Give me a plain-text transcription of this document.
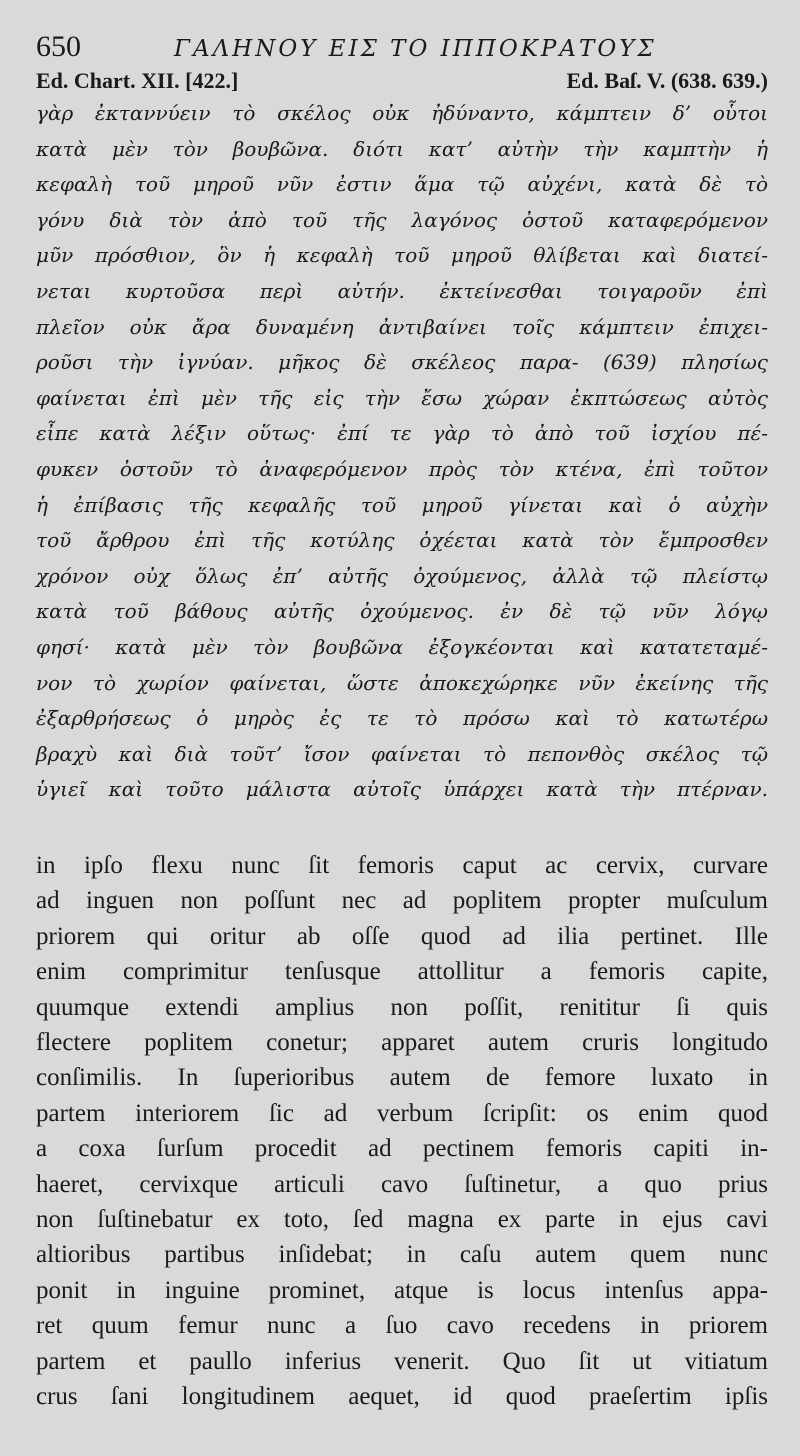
650	ΓΑΛΗΝΟΥ ΕΙΣ ΤΟ ΙΠΠΟΚΡΑΤΟΥΣ
Ed. Chart. XII. [422.]	Ed. Baſ. V. (638. 639.)
γὰρ ἐκταννύειν τὸ σκέλος οὐκ ἠδύναντο, κάμπτειν δ’ οὗτοι
κατὰ μὲν τὸν βουβῶνα. διότι κατ’ αὐτὴν τὴν καμπτὴν ἡ
κεφαλὴ τοῦ μηροῦ νῦν ἐστιν ἅμα τῷ αὐχένι, κατὰ δὲ τὸ
γόνυ διὰ τὸν ἀπὸ τοῦ τῆς λαγόνος ὀστοῦ καταφερόμενον
μῦν πρόσθιον, ὃν ἡ κεφαλὴ τοῦ μηροῦ θλίβεται καὶ διατεί-
νεται κυρτοῦσα περὶ αὐτήν. ἐκτείνεσθαι τοιγαροῦν ἐπὶ
πλεῖον οὐκ ἄρα δυναμένη ἀντιβαίνει τοῖς κάμπτειν ἐπιχει-
ροῦσι τὴν ἰγνύαν. μῆκος δὲ σκέλεος παρα- (639) πλησίως
φαίνεται ἐπὶ μὲν τῆς εἰς τὴν ἔσω χώραν ἐκπτώσεως αὐτὸς
εἶπε κατὰ λέξιν οὕτως· ἐπί τε γὰρ τὸ ἀπὸ τοῦ ἰσχίου πέ-
φυκεν ὀστοῦν τὸ ἀναφερόμενον πρὸς τὸν κτένα, ἐπὶ τοῦτον
ἡ ἐπίβασις τῆς κεφαλῆς τοῦ μηροῦ γίνεται καὶ ὁ αὐχὴν
τοῦ ἄρθρου ἐπὶ τῆς κοτύλης ὀχέεται κατὰ τὸν ἔμπροσθεν
χρόνον οὐχ ὅλως ἐπ’ αὐτῆς ὀχούμενος, ἀλλὰ τῷ πλείστῳ
κατὰ τοῦ βάθους αὐτῆς ὀχούμενος. ἐν δὲ τῷ νῦν λόγῳ
φησί· κατὰ μὲν τὸν βουβῶνα ἐξογκέονται καὶ κατατεταμέ-
νον τὸ χωρίον φαίνεται, ὥστε ἀποκεχώρηκε νῦν ἐκείνης τῆς
ἐξαρθρήσεως ὁ μηρὸς ἐς τε τὸ πρόσω καὶ τὸ κατωτέρω
βραχὺ καὶ διὰ τοῦτ’ ἴσον φαίνεται τὸ πεπονθὸς σκέλος τῷ
ὑγιεῖ καὶ τοῦτο μάλιστα αὐτοῖς ὑπάρχει κατὰ τὴν πτέρναν.
in ipſo flexu nunc ſit femoris caput ac cervix, curvare
ad inguen non poſſunt nec ad poplitem propter muſculum
priorem qui oritur ab oſſe quod ad ilia pertinet. Ille
enim comprimitur tenſusque attollitur a femoris capite,
quumque extendi amplius non poſſit, renititur ſi quis
flectere poplitem conetur; apparet autem cruris longitudo
conſimilis. In ſuperioribus autem de femore luxato in
partem interiorem ſic ad verbum ſcripſit: os enim quod
a coxa ſurſum procedit ad pectinem femoris capiti in-
haeret, cervixque articuli cavo ſuſtinetur, a quo prius
non ſuſtinebatur ex toto, ſed magna ex parte in ejus cavi
altioribus partibus inſidebat; in caſu autem quem nunc
ponit in inguine prominet, atque is locus intenſus appa-
ret quum femur nunc a ſuo cavo recedens in priorem
partem et paullo inferius venerit. Quo ſit ut vitiatum
crus ſani longitudinem aequet, id quod praeſertim ipſis
